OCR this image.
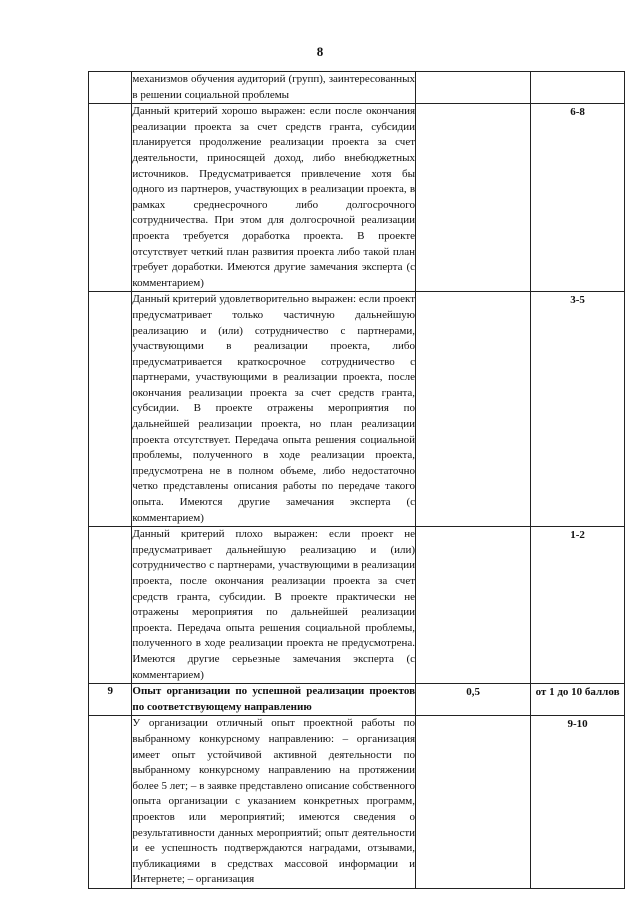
8

	механизмов обучения аудиторий (групп), заинтересованных в решении социальной проблемы		

	Данный критерий хорошо выражен: если после окончания реализации проекта за счет средств гранта, субсидии планируется продолжение реализации проекта за счет деятельности, приносящей доход, либо внебюджетных источников. Предусматривается привлечение хотя бы одного из партнеров, участвующих в реализации проекта, в рамках среднесрочного либо долгосрочного сотрудничества. При этом для долгосрочной реализации проекта требуется доработка проекта. В проекте отсутствует четкий план развития проекта либо такой план требует доработки. Имеются другие замечания эксперта (с комментарием)		6-8

	Данный критерий удовлетворительно выражен: если проект предусматривает только частичную дальнейшую реализацию и (или) сотрудничество с партнерами, участвующими в реализации проекта, либо предусматривается краткосрочное сотрудничество с партнерами, участвующими в реализации проекта, после окончания реализации проекта за счет средств гранта, субсидии. В проекте отражены мероприятия по дальнейшей реализации проекта, но план реализации проекта отсутствует. Передача опыта решения социальной проблемы, полученного в ходе реализации проекта, предусмотрена не в полном объеме, либо недостаточно четко представлены описания работы по передаче такого опыта. Имеются другие замечания эксперта (с комментарием)		3-5

	Данный критерий плохо выражен: если проект не предусматривает дальнейшую реализацию и (или) сотрудничество с партнерами, участвующими в реализации проекта, после окончания реализации проекта за счет средств гранта, субсидии. В проекте практически не отражены мероприятия по дальнейшей реализации проекта. Передача опыта решения социальной проблемы, полученного в ходе реализации проекта не предусмотрена. Имеются другие серьезные замечания эксперта (с комментарием)		1-2

9	Опыт организации по успешной реализации проектов по соответствующему направлению	0,5	от 1 до 10 баллов

	У организации отличный опыт проектной работы по выбранному конкурсному направлению: – организация имеет опыт устойчивой активной деятельности по выбранному конкурсному направлению на протяжении более 5 лет; – в заявке представлено описание собственного опыта организации с указанием конкретных программ, проектов или мероприятий; имеются сведения о результативности данных мероприятий; опыт деятельности и ее успешность подтверждаются наградами, отзывами, публикациями в средствах массовой информации и Интернете; – организация		9-10
